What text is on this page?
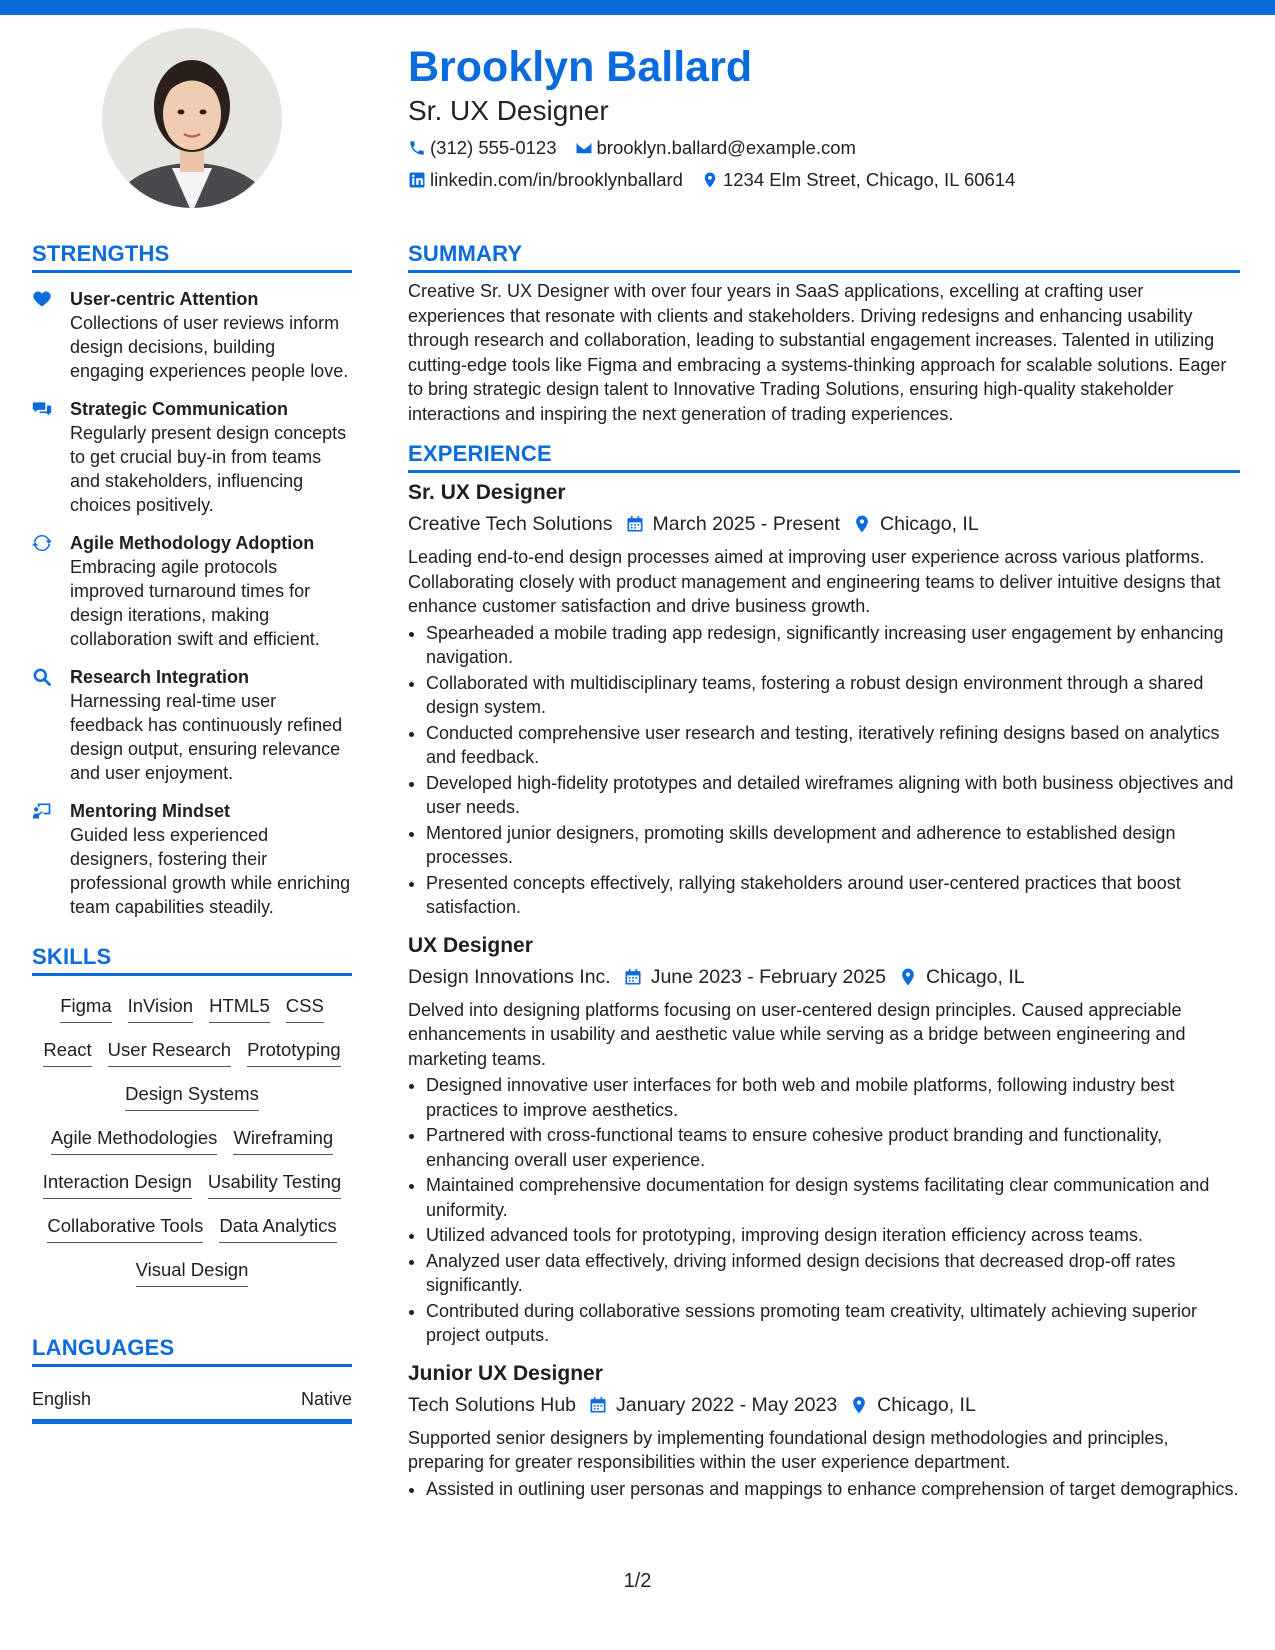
Brooklyn Ballard
Sr. UX Designer
(312) 555-0123 brooklyn.ballard@example.com
linkedin.com/in/brooklynballard 1234 Elm Street, Chicago, IL 60614
STRENGTHS
User-centric Attention
Collections of user reviews inform design decisions, building engaging experiences people love.
Strategic Communication
Regularly present design concepts to get crucial buy-in from teams and stakeholders, influencing choices positively.
Agile Methodology Adoption
Embracing agile protocols improved turnaround times for design iterations, making collaboration swift and efficient.
Research Integration
Harnessing real-time user feedback has continuously refined design output, ensuring relevance and user enjoyment.
Mentoring Mindset
Guided less experienced designers, fostering their professional growth while enriching team capabilities steadily.
SKILLS
Figma InVision HTML5 CSS
React User Research Prototyping
Design Systems
Agile Methodologies Wireframing
Interaction Design Usability Testing
Collaborative Tools Data Analytics
Visual Design
LANGUAGES
English	Native
SUMMARY
Creative Sr. UX Designer with over four years in SaaS applications, excelling at crafting user experiences that resonate with clients and stakeholders. Driving redesigns and enhancing usability through research and collaboration, leading to substantial engagement increases. Talented in utilizing cutting-edge tools like Figma and embracing a systems-thinking approach for scalable solutions. Eager to bring strategic design talent to Innovative Trading Solutions, ensuring high-quality stakeholder interactions and inspiring the next generation of trading experiences.
EXPERIENCE
Sr. UX Designer
Creative Tech Solutions March 2025 - Present Chicago, IL
Leading end-to-end design processes aimed at improving user experience across various platforms. Collaborating closely with product management and engineering teams to deliver intuitive designs that enhance customer satisfaction and drive business growth.
• Spearheaded a mobile trading app redesign, significantly increasing user engagement by enhancing navigation.
• Collaborated with multidisciplinary teams, fostering a robust design environment through a shared design system.
• Conducted comprehensive user research and testing, iteratively refining designs based on analytics and feedback.
• Developed high-fidelity prototypes and detailed wireframes aligning with both business objectives and user needs.
• Mentored junior designers, promoting skills development and adherence to established design processes.
• Presented concepts effectively, rallying stakeholders around user-centered practices that boost satisfaction.
UX Designer
Design Innovations Inc. June 2023 - February 2025 Chicago, IL
Delved into designing platforms focusing on user-centered design principles. Caused appreciable enhancements in usability and aesthetic value while serving as a bridge between engineering and marketing teams.
• Designed innovative user interfaces for both web and mobile platforms, following industry best practices to improve aesthetics.
• Partnered with cross-functional teams to ensure cohesive product branding and functionality, enhancing overall user experience.
• Maintained comprehensive documentation for design systems facilitating clear communication and uniformity.
• Utilized advanced tools for prototyping, improving design iteration efficiency across teams.
• Analyzed user data effectively, driving informed design decisions that decreased drop-off rates significantly.
• Contributed during collaborative sessions promoting team creativity, ultimately achieving superior project outputs.
Junior UX Designer
Tech Solutions Hub January 2022 - May 2023 Chicago, IL
Supported senior designers by implementing foundational design methodologies and principles, preparing for greater responsibilities within the user experience department.
• Assisted in outlining user personas and mappings to enhance comprehension of target demographics.
1/2
